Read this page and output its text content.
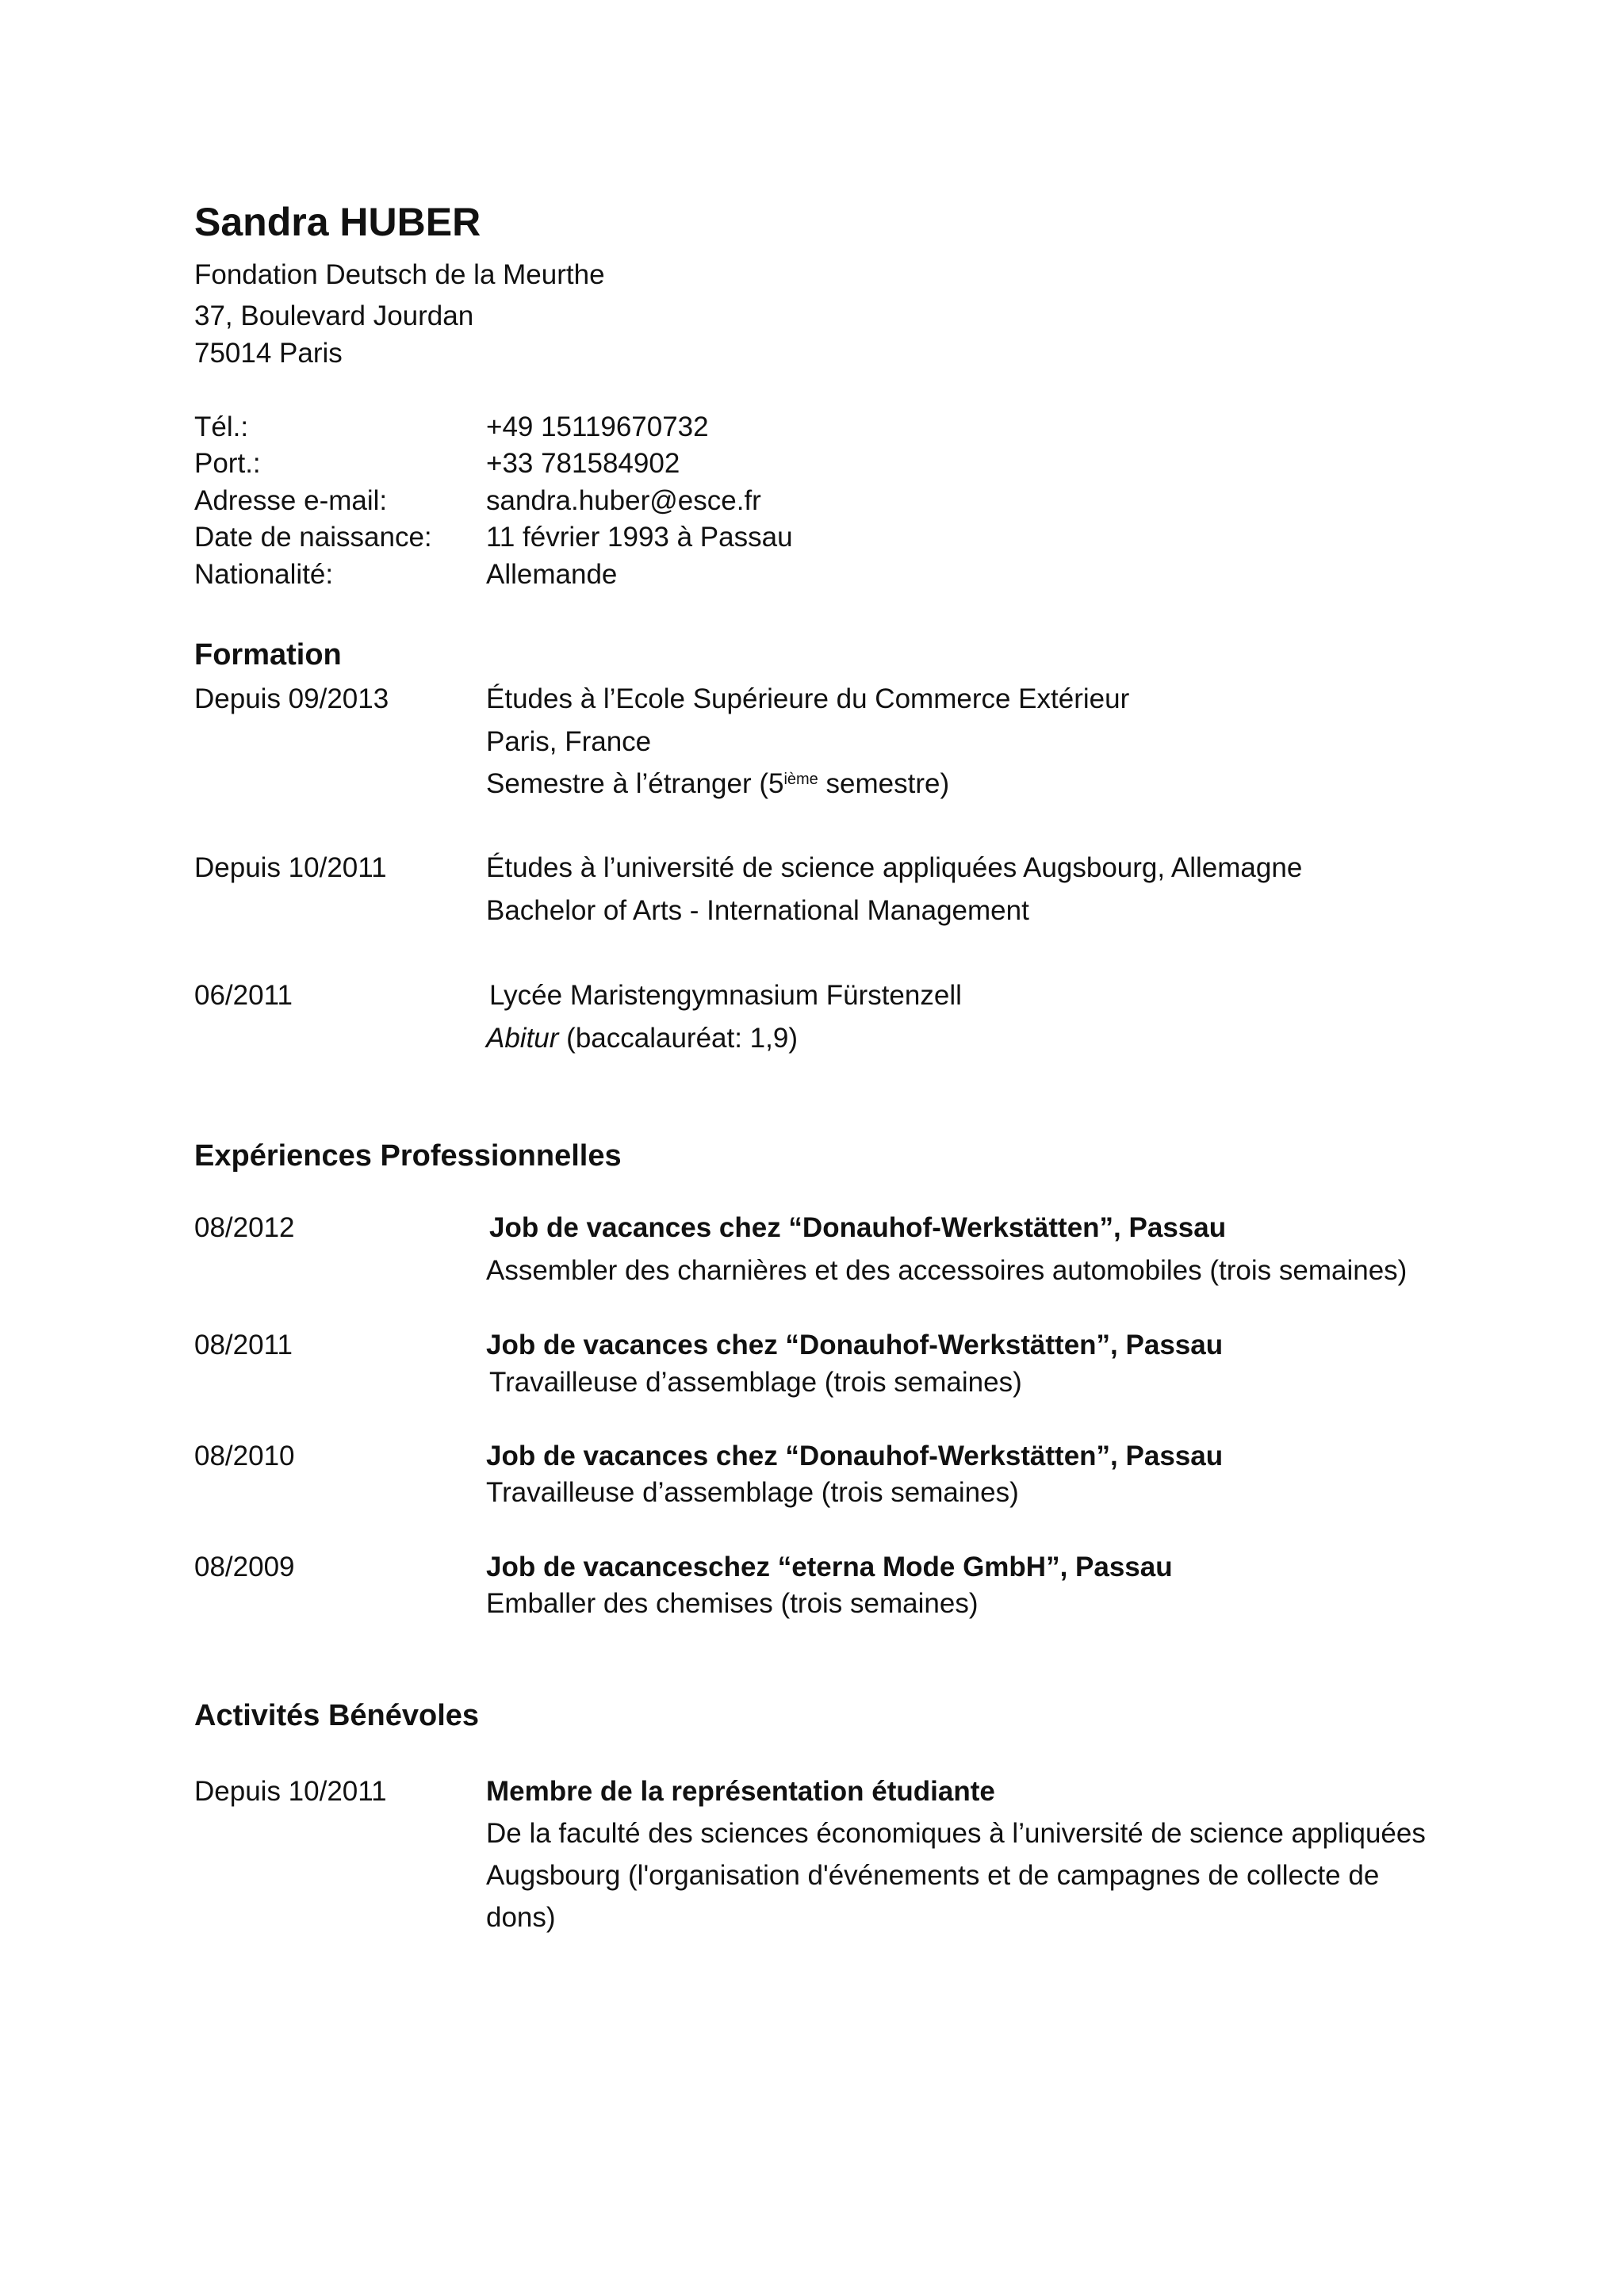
Sandra HUBER
Fondation Deutsch de la Meurthe
37, Boulevard Jourdan
75014 Paris
Tél.:	+49 15119670732
Port.:	+33 781584902
Adresse e-mail:	sandra.huber@esce.fr
Date de naissance: 11 février 1993 à Passau
Nationalité:	Allemande
Formation
Depuis 09/2013	Études à l’Ecole Supérieure du Commerce Extérieur
Paris, France
Semestre à l’étranger (5ième semestre)
Depuis 10/2011	Études à l’université de science appliquées Augsbourg, Allemagne
Bachelor of Arts - International Management
06/2011	Lycée Maristengymnasium Fürstenzell
Abitur (baccalauréat: 1,9)
Expériences Professionnelles
08/2012	Job de vacances chez “Donauhof-Werkstätten”, Passau
Assembler des charnières et des accessoires automobiles (trois semaines)
08/2011	Job de vacances chez “Donauhof-Werkstätten”, Passau
Travailleuse d’assemblage (trois semaines)
08/2010	Job de vacances chez “Donauhof-Werkstätten”, Passau
Travailleuse d’assemblage (trois semaines)
08/2009	Job de vacanceschez “eterna Mode GmbH”, Passau
Emballer des chemises (trois semaines)
Activités Bénévoles
Depuis 10/2011	Membre de la représentation étudiante
De la faculté des sciences économiques à l’université de science appliquées
Augsbourg (l'organisation d'événements et de campagnes de collecte de
dons)
